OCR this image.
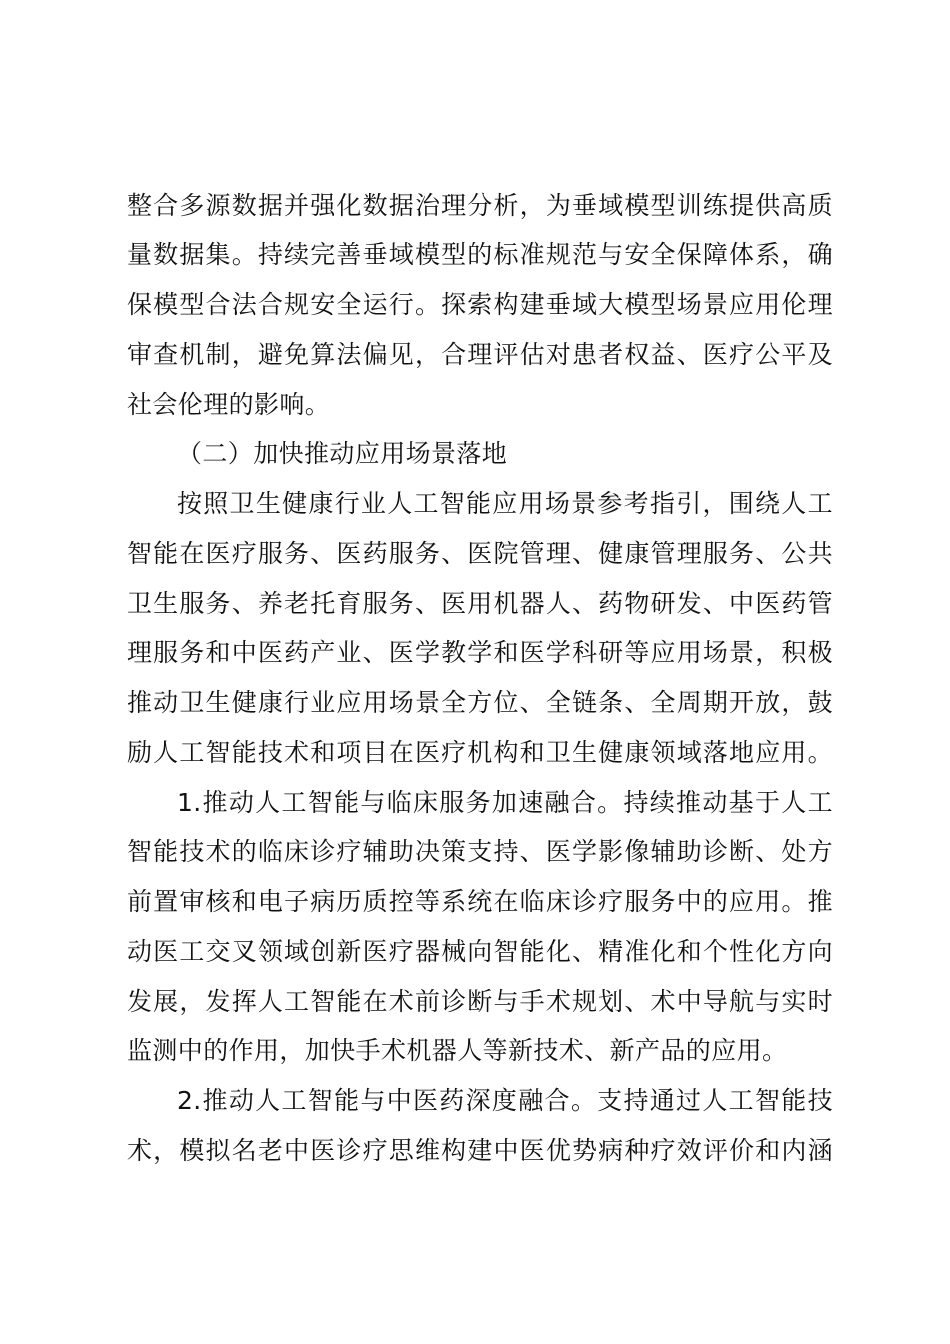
整合多源数据并强化数据治理分析，为垂域模型训练提供高质
量数据集。持续完善垂域模型的标准规范与安全保障体系，确
保模型合法合规安全运行。探索构建垂域大模型场景应用伦理
审查机制，避免算法偏见，合理评估对患者权益、医疗公平及
社会伦理的影响。
（二）加快推动应用场景落地
按照卫生健康行业人工智能应用场景参考指引，围绕人工
智能在医疗服务、医药服务、医院管理、健康管理服务、公共
卫生服务、养老托育服务、医用机器人、药物研发、中医药管
理服务和中医药产业、医学教学和医学科研等应用场景，积极
推动卫生健康行业应用场景全方位、全链条、全周期开放，鼓
励人工智能技术和项目在医疗机构和卫生健康领域落地应用。
1.推动人工智能与临床服务加速融合。持续推动基于人工
智能技术的临床诊疗辅助决策支持、医学影像辅助诊断、处方
前置审核和电子病历质控等系统在临床诊疗服务中的应用。推
动医工交叉领域创新医疗器械向智能化、精准化和个性化方向
发展，发挥人工智能在术前诊断与手术规划、术中导航与实时
监测中的作用，加快手术机器人等新技术、新产品的应用。
2.推动人工智能与中医药深度融合。支持通过人工智能技
术，模拟名老中医诊疗思维构建中医优势病种疗效评价和内涵
